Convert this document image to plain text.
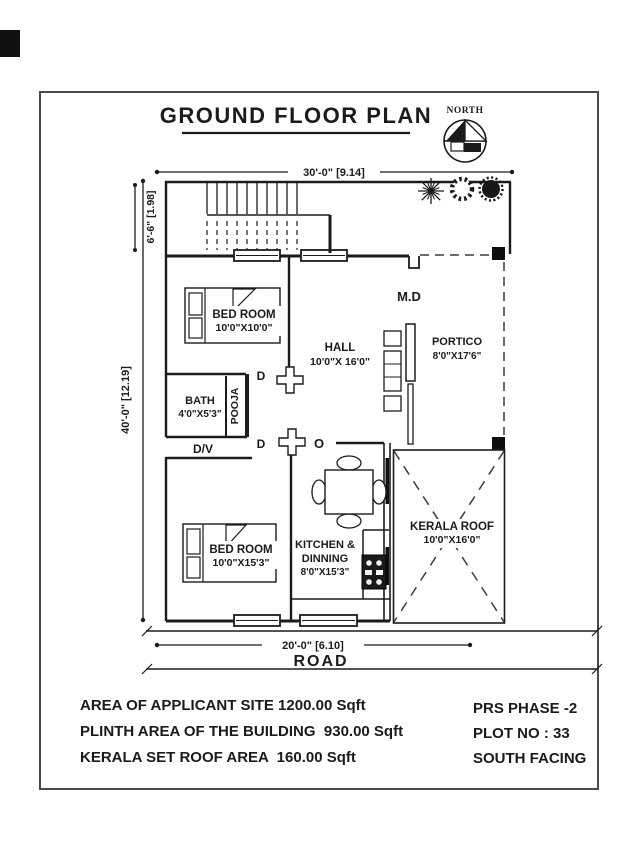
GROUND FLOOR PLAN NORTH
30'-0" [9.14]
40'-0" [12.19]
6'-6" [1.98]
BED ROOM
10'0"X10'0"
HALL
10'0"X 16'0"
PORTICO
8'0"X17'6"
BATH
4'0"X5'3" POOJA
D
D
D/V	O
M.D
KITCHEN &
DINNING
8'0"X15'3"
BED ROOM
10'0"X15'3"
KERALA ROOF
10'0"X16'0"
20'-0" [6.10]
ROAD
AREA OF APPLICANT SITE 1200.00 Sqft
PLINTH AREA OF THE BUILDING  930.00 Sqft
KERALA SET ROOF AREA  160.00 Sqft
PRS PHASE -2
PLOT NO : 33
SOUTH FACING
